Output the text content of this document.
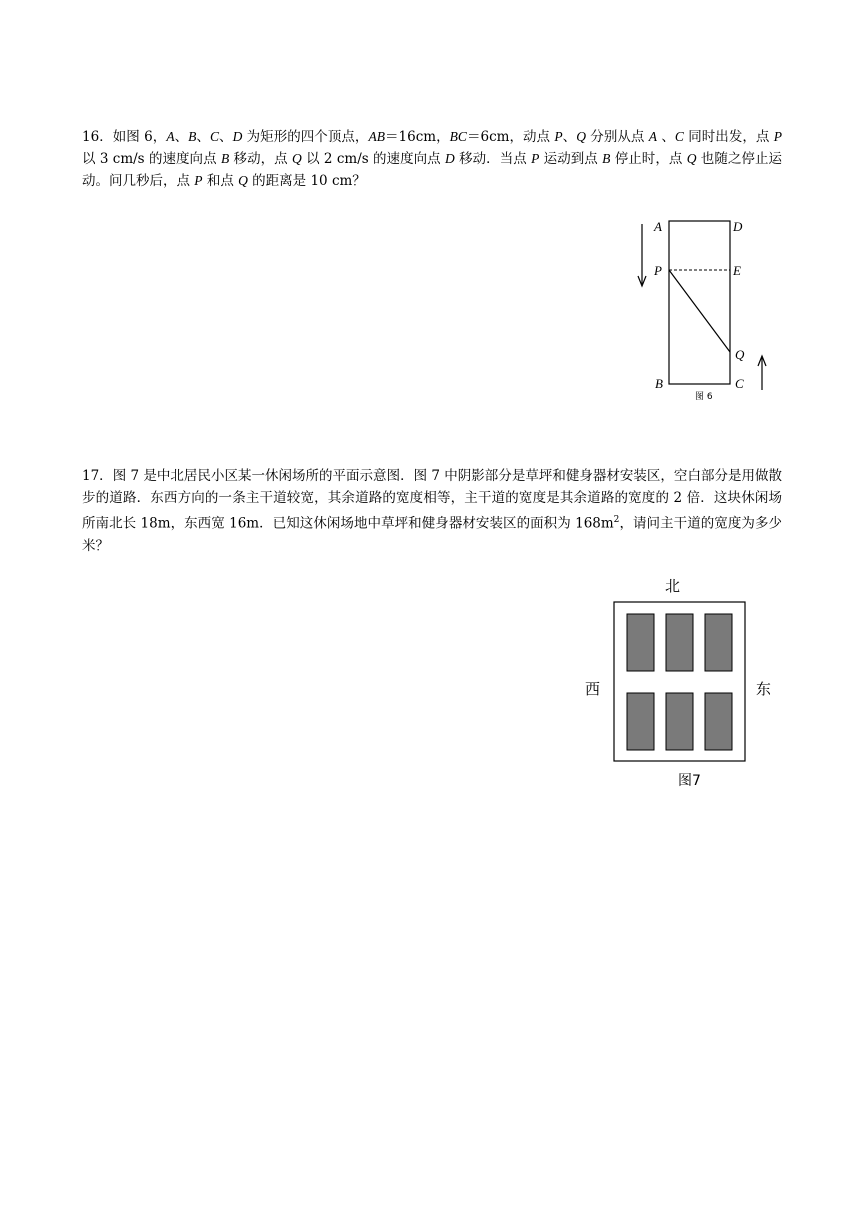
16．如图 6，A、B、C、D 为矩形的四个顶点，AB＝16cm，BC＝6cm，动点 P、Q 分别从点 A 、C 同时出发，点 P 以 3 cm/s 的速度向点 B 移动，点 Q 以 2 cm/s 的速度向点 D 移动．当点 P 运动到点 B 停止时，点 Q 也随之停止运动。问几秒后，点 P 和点 Q 的距离是 10 cm？

A	D
P	E
Q
B	C
图 6

17．图 7 是中北居民小区某一休闲场所的平面示意图．图 7 中阴影部分是草坪和健身器材安装区，空白部分是用做散步的道路．东西方向的一条主干道较宽，其余道路的宽度相等，主干道的宽度是其余道路的宽度的 2 倍．这块休闲场所南北长 18m，东西宽 16m．已知这休闲场地中草坪和健身器材安装区的面积为 $168m^2$，请问主干道的宽度为多少米？

北
西	东
图7
